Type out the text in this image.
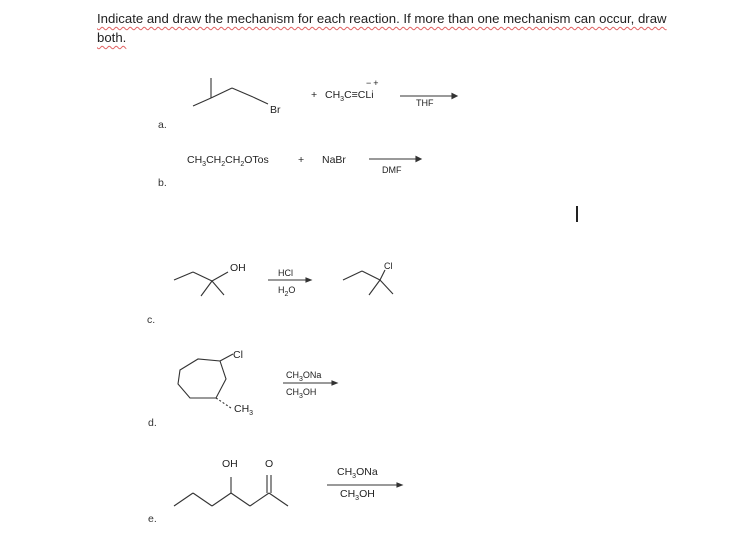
Indicate and draw the mechanism for each reaction. If more than one mechanism can occur, draw
both.
a.
Br
+
−+
$CH_3C\equiv CLi$
THF
b.
$CH_3CH_2CH_2OTos$	+ NaBr
DMF
c.
OH	HCl
$H_2O$
Cl
d.
Cl
$CH_3$
$CH_3ONa$
$CH_3OH$
e.
OH	O
$CH_3ONa$
$CH_3OH$
